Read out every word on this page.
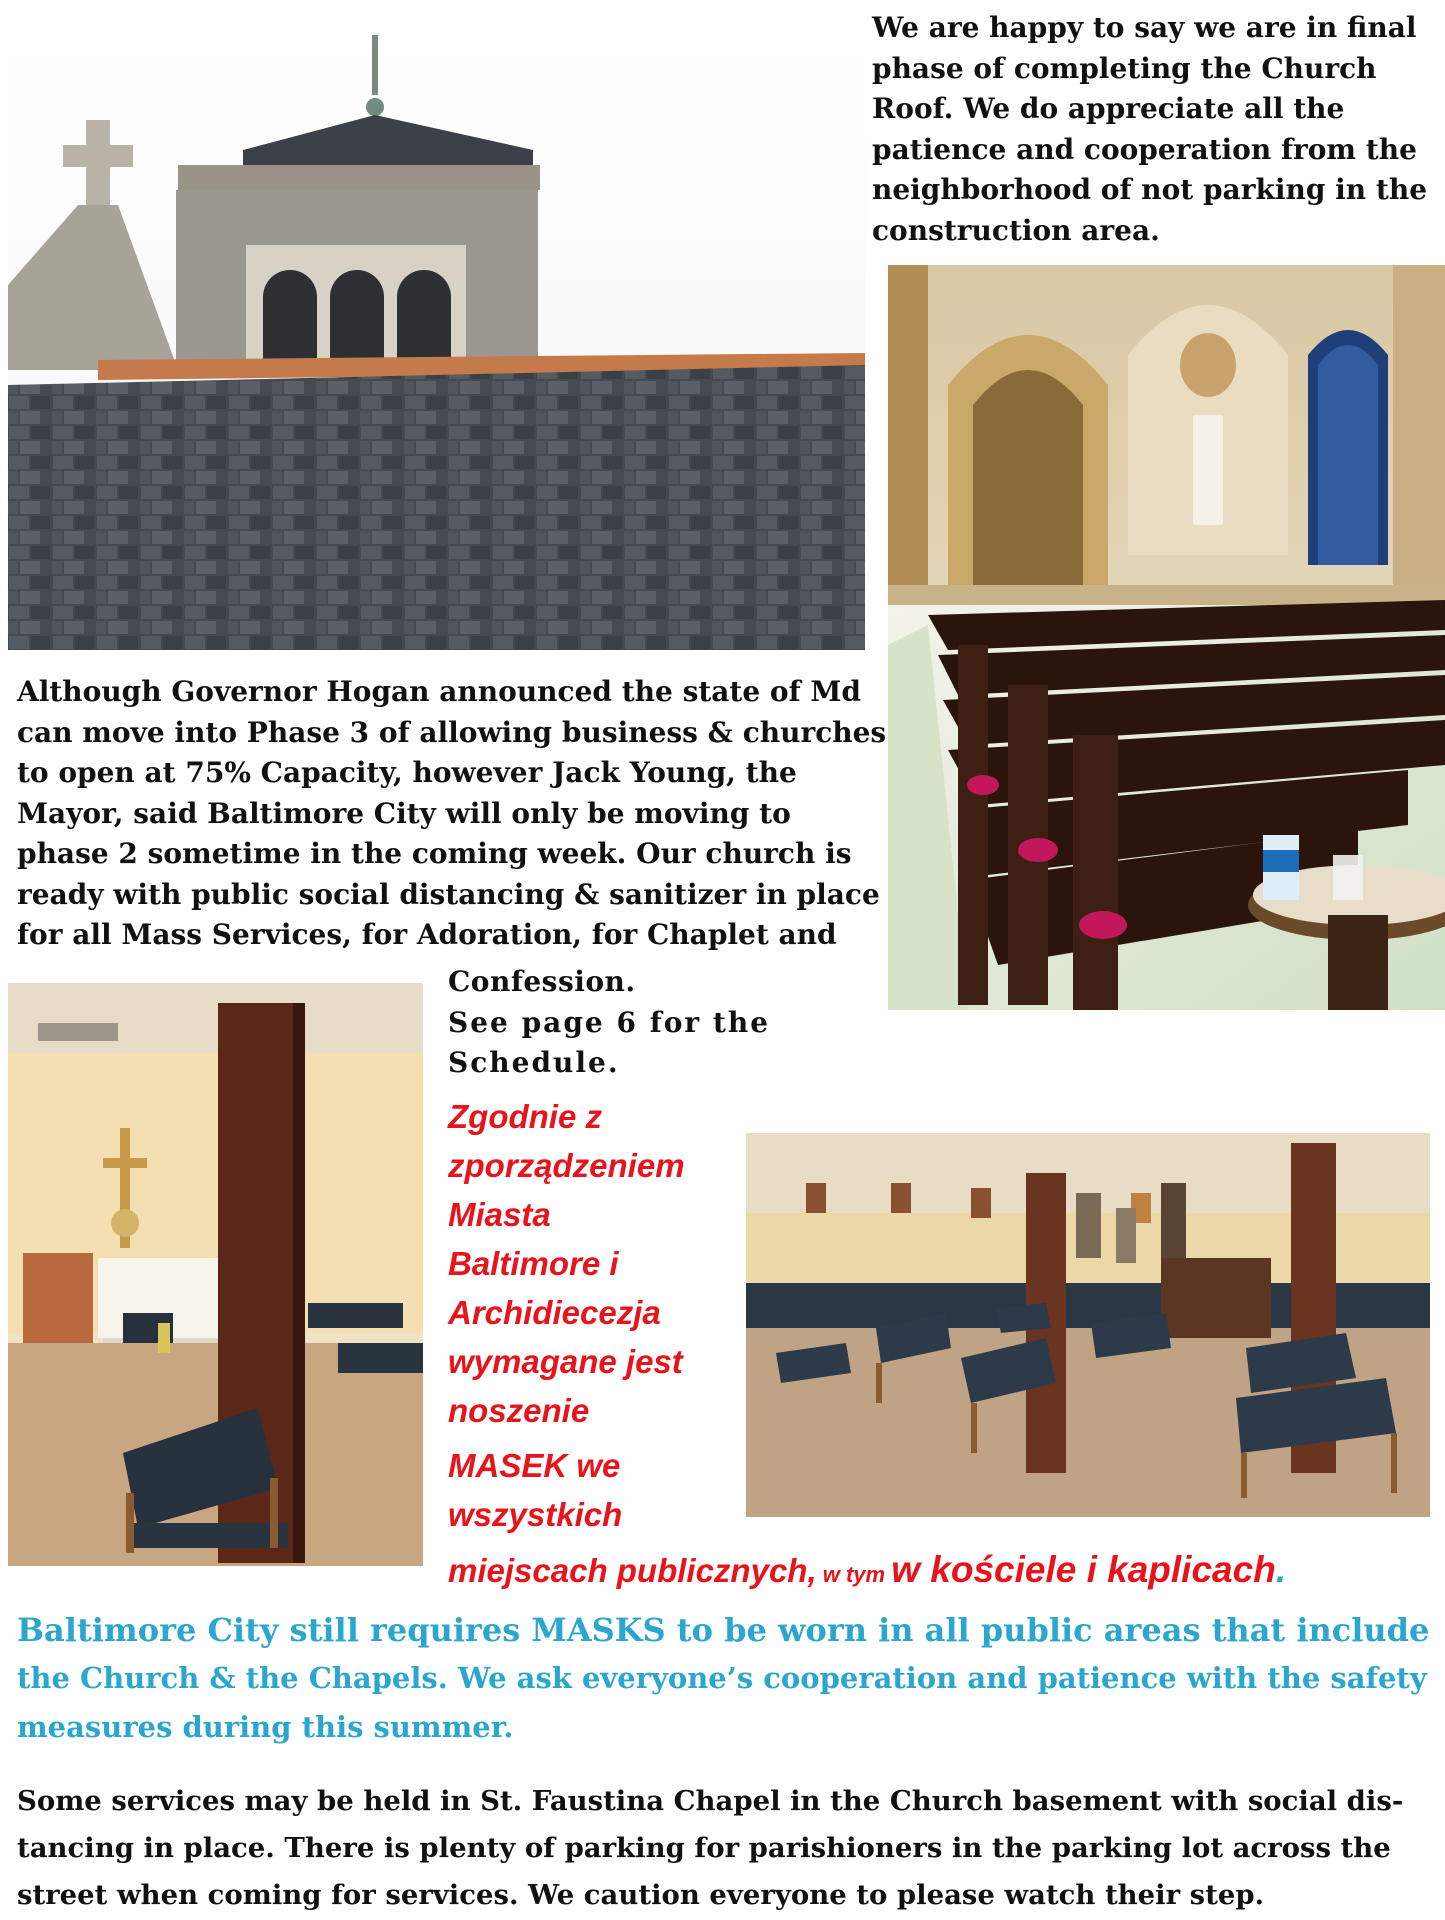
We are happy to say we are in final
phase of completing the Church
Roof. We do appreciate all the
patience and cooperation from the
neighborhood of not parking in the
construction area.
Although Governor Hogan announced the state of Md
can move into Phase 3 of allowing business & churches
to open at 75% Capacity, however Jack Young, the
Mayor, said Baltimore City will only be moving to
phase 2 sometime in the coming week. Our church is
ready with public social distancing & sanitizer in place
for all Mass Services, for Adoration, for Chaplet and
Confession.
See page 6 for the
Schedule.
Zgodnie z
zporządzeniem
Miasta
Baltimore i
Archidiecezja
wymagane jest
noszenie
MASEK we
wszystkich
miejscach publicznych, w tym w kościele i kaplicach.
Baltimore City still requires MASKS to be worn in all public areas that include
the Church & the Chapels. We ask everyone’s cooperation and patience with the safety
measures during this summer.
Some services may be held in St. Faustina Chapel in the Church basement with social dis-
tancing in place. There is plenty of parking for parishioners in the parking lot across the
street when coming for services. We caution everyone to please watch their step.
